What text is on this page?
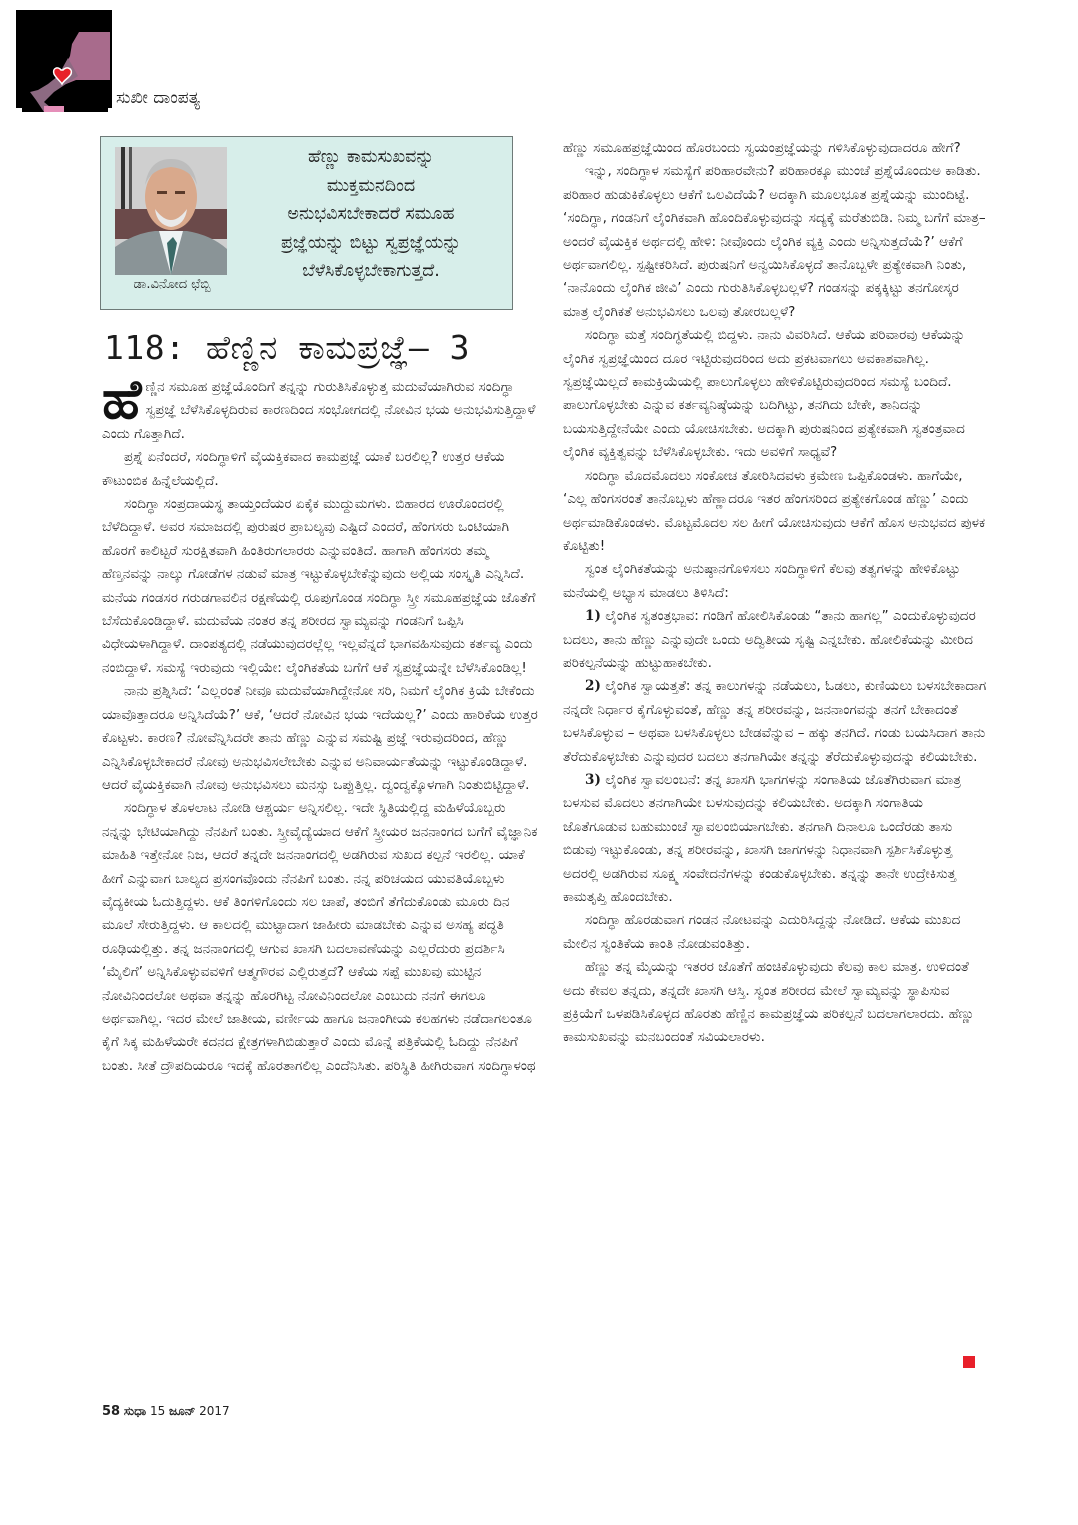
ಸುಖೀ ದಾಂಪತ್ಯ
ಡಾ.ವಿನೋದ ಛೆಬ್ಬಿ
ಹೆಣ್ಣು ಕಾಮಸುಖವನ್ನು
ಮುಕ್ತಮನದಿಂದ
ಅನುಭವಿಸಬೇಕಾದರೆ ಸಮೂಹ
ಪ್ರಜ್ಞೆಯನ್ನು ಬಿಟ್ಟು ಸ್ವಪ್ರಜ್ಞೆಯನ್ನು
ಬೆಳೆಸಿಕೊಳ್ಳಬೇಕಾಗುತ್ತದೆ.
118: ಹೆಣ್ಣಿನ ಕಾಮಪ್ರಜ್ಞೆ– 3

ಹೆಣ್ಣಿನ ಸಮೂಹ ಪ್ರಜ್ಞೆಯೊಂದಿಗೆ ತನ್ನನ್ನು ಗುರುತಿಸಿಕೊಳ್ಳುತ್ತ ಮದುವೆಯಾಗಿರುವ ಸಂದಿಗ್ಧಾ ಸ್ವಪ್ರಜ್ಞೆ ಬೆಳೆಸಿಕೊಳ್ಳದಿರುವ ಕಾರಣದಿಂದ ಸಂಭೋಗದಲ್ಲಿ ನೋವಿನ ಭಯ ಅನುಭವಿಸುತ್ತಿದ್ದಾಳೆ ಎಂದು ಗೊತ್ತಾಗಿದೆ.

ಪ್ರಶ್ನೆ ಏನೆಂದರೆ, ಸಂದಿಗ್ಧಾಳಿಗೆ ವೈಯಕ್ತಿಕವಾದ ಕಾಮಪ್ರಜ್ಞೆ ಯಾಕೆ ಬರಲಿಲ್ಲ? ಉತ್ತರ ಆಕೆಯ ಕೌಟುಂಬಿಕ ಹಿನ್ನೆಲೆಯಲ್ಲಿದೆ.

ಸಂದಿಗ್ಧಾ ಸಂಪ್ರದಾಯಸ್ಥ ತಾಯ್ತಂದೆಯರ ಏಕೈಕ ಮುದ್ದುಮಗಳು. ಬಿಹಾರದ ಊರೊಂದರಲ್ಲಿ ಬೆಳೆದಿದ್ದಾಳೆ. ಅವರ ಸಮಾಜದಲ್ಲಿ ಪುರುಷರ ಪ್ರಾಬಲ್ಯವು ಎಷ್ಟಿದೆ ಎಂದರೆ, ಹೆಂಗಸರು ಒಂಟಿಯಾಗಿ ಹೊರಗೆ ಕಾಲಿಟ್ಟರೆ ಸುರಕ್ಷಿತವಾಗಿ ಹಿಂತಿರುಗಲಾರರು ಎನ್ನುವಂತಿದೆ. ಹಾಗಾಗಿ ಹೆಂಗಸರು ತಮ್ಮ ಹೆಣ್ತನವನ್ನು ನಾಲ್ಕು ಗೋಡೆಗಳ ನಡುವೆ ಮಾತ್ರ ಇಟ್ಟುಕೊಳ್ಳಬೇಕೆನ್ನುವುದು ಅಲ್ಲಿಯ ಸಂಸ್ಕೃತಿ ಎನ್ನಿಸಿದೆ. ಮನೆಯ ಗಂಡಸರ ಗರುಡಗಾವಲಿನ ರಕ್ಷಣೆಯಲ್ಲಿ ರೂಪುಗೊಂಡ ಸಂದಿಗ್ಧಾ ಸ್ತ್ರೀ ಸಮೂಹಪ್ರಜ್ಞೆಯ ಜೊತೆಗೆ ಬೆಸೆದುಕೊಂಡಿದ್ದಾಳೆ. ಮದುವೆಯ ನಂತರ ತನ್ನ ಶರೀರದ ಸ್ವಾಮ್ಯವನ್ನು ಗಂಡನಿಗೆ ಒಪ್ಪಿಸಿ ವಿಧೇಯಳಾಗಿದ್ದಾಳೆ. ದಾಂಪತ್ಯದಲ್ಲಿ ನಡೆಯುವುದರಲ್ಲೆಲ್ಲ ಇಲ್ಲವೆನ್ನದೆ ಭಾಗವಹಿಸುವುದು ಕರ್ತವ್ಯ ಎಂದು ನಂಬಿದ್ದಾಳೆ. ಸಮಸ್ಯೆ ಇರುವುದು ಇಲ್ಲಿಯೇ: ಲೈಂಗಿಕತೆಯ ಬಗೆಗೆ ಆಕೆ ಸ್ವಪ್ರಜ್ಞೆಯನ್ನೇ ಬೆಳೆಸಿಕೊಂಡಿಲ್ಲ!

ನಾನು ಪ್ರಶ್ನಿಸಿದೆ: ‘ಎಲ್ಲರಂತೆ ನೀವೂ ಮದುವೆಯಾಗಿದ್ದೇನೋ ಸರಿ, ನಿಮಗೆ ಲೈಂಗಿಕ ಕ್ರಿಯೆ ಬೇಕೆಂದು ಯಾವೊತ್ತಾದರೂ ಅನ್ನಿಸಿದೆಯೆ?’ ಆಕೆ, ‘ಆದರೆ ನೋವಿನ ಭಯ ಇದೆಯಲ್ಲ?’ ಎಂದು ಹಾರಿಕೆಯ ಉತ್ತರ ಕೊಟ್ಟಳು. ಕಾರಣ? ನೋವೆನ್ನಿಸಿದರೇ ತಾನು ಹೆಣ್ಣು ಎನ್ನುವ ಸಮಷ್ಟಿ ಪ್ರಜ್ಞೆ ಇರುವುದರಿಂದ, ಹೆಣ್ಣು ಎನ್ನಿಸಿಕೊಳ್ಳಬೇಕಾದರೆ ನೋವು ಅನುಭವಿಸಲೇಬೇಕು ಎನ್ನುವ ಅನಿವಾರ್ಯತೆಯನ್ನು ಇಟ್ಟುಕೊಂಡಿದ್ದಾಳೆ. ಆದರೆ ವೈಯಕ್ತಿಕವಾಗಿ ನೋವು ಅನುಭವಿಸಲು ಮನಸ್ಸು ಒಪ್ಪುತ್ತಿಲ್ಲ. ದ್ವಂದ್ವಕ್ಕೊಳಗಾಗಿ ನಿಂತುಬಿಟ್ಟಿದ್ದಾಳೆ.

ಸಂದಿಗ್ಧಾಳ ತೊಳಲಾಟ ನೋಡಿ ಆಶ್ಚರ್ಯ ಅನ್ನಿಸಲಿಲ್ಲ. ಇದೇ ಸ್ಥಿತಿಯಲ್ಲಿದ್ದ ಮಹಿಳೆಯೊಬ್ಬರು ನನ್ನನ್ನು ಭೇಟಿಯಾಗಿದ್ದು ನೆನಪಿಗೆ ಬಂತು. ಸ್ತ್ರೀವೈದ್ಯೆಯಾದ ಆಕೆಗೆ ಸ್ತ್ರೀಯರ ಜನನಾಂಗದ ಬಗೆಗೆ ವೈಜ್ಞಾನಿಕ ಮಾಹಿತಿ ಇತ್ತೇನೋ ನಿಜ, ಆದರೆ ತನ್ನದೇ ಜನನಾಂಗದಲ್ಲಿ ಅಡಗಿರುವ ಸುಖದ ಕಲ್ಪನೆ ಇರಲಿಲ್ಲ. ಯಾಕೆ ಹೀಗೆ ಎನ್ನುವಾಗ ಬಾಲ್ಯದ ಪ್ರಸಂಗವೊಂದು ನೆನಪಿಗೆ ಬಂತು. ನನ್ನ ಪರಿಚಯದ ಯುವತಿಯೊಬ್ಬಳು ವೈದ್ಯಕೀಯ ಓದುತ್ತಿದ್ದಳು. ಆಕೆ ತಿಂಗಳಿಗೊಂದು ಸಲ ಚಾಪೆ, ತಂಬಿಗೆ ತೆಗೆದುಕೊಂಡು ಮೂರು ದಿನ ಮೂಲೆ ಸೇರುತ್ತಿದ್ದಳು. ಆ ಕಾಲದಲ್ಲಿ ಮುಟ್ಟಾದಾಗ ಜಾಹೀರು ಮಾಡಬೇಕು ಎನ್ನುವ ಅಸಹ್ಯ ಪದ್ಧತಿ ರೂಢಿಯಲ್ಲಿತ್ತು. ತನ್ನ ಜನನಾಂಗದಲ್ಲಿ ಆಗುವ ಖಾಸಗಿ ಬದಲಾವಣೆಯನ್ನು ಎಲ್ಲರೆದುರು ಪ್ರದರ್ಶಿಸಿ ‘ಮೈಲಿಗೆ’ ಅನ್ನಿಸಿಕೊಳ್ಳುವವಳಿಗೆ ಆತ್ಮಗೌರವ ಎಲ್ಲಿರುತ್ತದೆ? ಆಕೆಯ ಸಪ್ಪೆ ಮುಖವು ಮುಟ್ಟಿನ ನೋವಿನಿಂದಲೋ ಅಥವಾ ತನ್ನನ್ನು ಹೊರಗಿಟ್ಟ ನೋವಿನಿಂದಲೋ ಎಂಬುದು ನನಗೆ ಈಗಲೂ ಅರ್ಥವಾಗಿಲ್ಲ. ಇದರ ಮೇಲೆ ಜಾತೀಯ, ವರ್ಣೀಯ ಹಾಗೂ ಜನಾಂಗೀಯ ಕಲಹಗಳು ನಡೆದಾಗಲಂತೂ ಕೈಗೆ ಸಿಕ್ಕ ಮಹಿಳೆಯರೇ ಕದನದ ಕ್ಷೇತ್ರಗಳಾಗಿಬಿಡುತ್ತಾರೆ ಎಂದು ಮೊನ್ನೆ ಪತ್ರಿಕೆಯಲ್ಲಿ ಓದಿದ್ದು ನೆನಪಿಗೆ ಬಂತು. ಸೀತೆ ದ್ರೌಪದಿಯರೂ ಇದಕ್ಕೆ ಹೊರತಾಗಲಿಲ್ಲ ಎಂದೆನಿಸಿತು. ಪರಿಸ್ಥಿತಿ ಹೀಗಿರುವಾಗ ಸಂದಿಗ್ಧಾಳಂಥ

ಹೆಣ್ಣು ಸಮೂಹಪ್ರಜ್ಞೆಯಿಂದ ಹೊರಬಂದು ಸ್ವಯಂಪ್ರಜ್ಞೆಯನ್ನು ಗಳಿಸಿಕೊಳ್ಳುವುದಾದರೂ ಹೇಗೆ?

ಇನ್ನು, ಸಂದಿಗ್ಧಾಳ ಸಮಸ್ಯೆಗೆ ಪರಿಹಾರವೇನು? ಪರಿಹಾರಕ್ಕೂ ಮುಂಚೆ ಪ್ರಶ್ನೆಯೊಂದುಅ ಕಾಡಿತು. ಪರಿಹಾರ ಹುಡುಕಿಕೊಳ್ಳಲು ಆಕೆಗೆ ಒಲವಿದೆಯೆ? ಅದಕ್ಕಾಗಿ ಮೂಲಭೂತ ಪ್ರಶ್ನೆಯನ್ನು ಮುಂದಿಟ್ಟೆ. ‘ಸಂದಿಗ್ಧಾ, ಗಂಡನಿಗೆ ಲೈಂಗಿಕವಾಗಿ ಹೊಂದಿಕೊಳ್ಳುವುದನ್ನು ಸದ್ಯಕ್ಕೆ ಮರೆತುಬಿಡಿ. ನಿಮ್ಮ ಬಗೆಗೆ ಮಾತ್ರ– ಅಂದರೆ ವೈಯಕ್ತಿಕ ಅರ್ಥದಲ್ಲಿ ಹೇಳಿ: ನೀವೊಂದು ಲೈಂಗಿಕ ವ್ಯಕ್ತಿ ಎಂದು ಅನ್ನಿಸುತ್ತದೆಯೆ?’ ಆಕೆಗೆ ಅರ್ಥವಾಗಲಿಲ್ಲ. ಸ್ಪಷ್ಟೀಕರಿಸಿದೆ. ಪುರುಷನಿಗೆ ಅನ್ವಯಿಸಿಕೊಳ್ಳದೆ ತಾನೊಬ್ಬಳೇ ಪ್ರತ್ಯೇಕವಾಗಿ ನಿಂತು, ‘ನಾನೊಂದು ಲೈಂಗಿಕ ಜೀವಿ’ ಎಂದು ಗುರುತಿಸಿಕೊಳ್ಳಬಲ್ಲಳೆ? ಗಂಡಸನ್ನು ಪಕ್ಕಕ್ಕಿಟ್ಟು ತನಗೋಸ್ಕರ ಮಾತ್ರ ಲೈಂಗಿಕತೆ ಅನುಭವಿಸಲು ಒಲವು ತೋರಬಲ್ಲಳೆ?

ಸಂದಿಗ್ಧಾ ಮತ್ತೆ ಸಂದಿಗ್ಧತೆಯಲ್ಲಿ ಬಿದ್ದಳು. ನಾನು ವಿವರಿಸಿದೆ. ಆಕೆಯ ಪರಿವಾರವು ಆಕೆಯನ್ನು ಲೈಂಗಿಕ ಸ್ವಪ್ರಜ್ಞೆಯಿಂದ ದೂರ ಇಟ್ಟಿರುವುದರಿಂದ ಅದು ಪ್ರಕಟವಾಗಲು ಅವಕಾಶವಾಗಿಲ್ಲ. ಸ್ವಪ್ರಜ್ಞೆಯಿಲ್ಲದೆ ಕಾಮಕ್ರಿಯೆಯಲ್ಲಿ ಪಾಲುಗೊಳ್ಳಲು ಹೇಳಿಕೊಟ್ಟಿರುವುದರಿಂದ ಸಮಸ್ಯೆ ಬಂದಿದೆ. ಪಾಲುಗೊಳ್ಳಬೇಕು ಎನ್ನುವ ಕರ್ತವ್ಯನಿಷ್ಠೆಯನ್ನು ಬದಿಗಿಟ್ಟು, ತನಗಿದು ಬೇಕೇ, ತಾನಿದನ್ನು ಬಯಸುತ್ತಿದ್ದೇನೆಯೇ ಎಂದು ಯೋಚಿಸಬೇಕು. ಅದಕ್ಕಾಗಿ ಪುರುಷನಿಂದ ಪ್ರತ್ಯೇಕವಾಗಿ ಸ್ವತಂತ್ರವಾದ ಲೈಂಗಿಕ ವ್ಯಕ್ತಿತ್ವವನ್ನು ಬೆಳೆಸಿಕೊಳ್ಳಬೇಕು. ಇದು ಅವಳಿಗೆ ಸಾಧ್ಯವೆ?

ಸಂದಿಗ್ಧಾ ಮೊದಮೊದಲು ಸಂಕೋಚ ತೋರಿಸಿದವಳು ಕ್ರಮೇಣ ಒಪ್ಪಿಕೊಂಡಳು. ಹಾಗೆಯೇ, ‘ಎಲ್ಲ ಹೆಂಗಸರಂತೆ ತಾನೊಬ್ಬಳು ಹೆಣ್ಣಾದರೂ ಇತರ ಹೆಂಗಸರಿಂದ ಪ್ರತ್ಯೇಕಗೊಂಡ ಹೆಣ್ಣು’ ಎಂದು ಅರ್ಥಮಾಡಿಕೊಂಡಳು. ಮೊಟ್ಟಮೊದಲ ಸಲ ಹೀಗೆ ಯೋಚಿಸುವುದು ಆಕೆಗೆ ಹೊಸ ಅನುಭವದ ಪುಳಕ ಕೊಟ್ಟಿತು!

ಸ್ವಂತ ಲೈಂಗಿಕತೆಯನ್ನು ಅನುಷ್ಠಾನಗೊಳಿಸಲು ಸಂದಿಗ್ಧಾಳಿಗೆ ಕೆಲವು ತತ್ವಗಳನ್ನು ಹೇಳಿಕೊಟ್ಟು ಮನೆಯಲ್ಲಿ ಅಭ್ಯಾಸ ಮಾಡಲು ತಿಳಿಸಿದೆ:

1) ಲೈಂಗಿಕ ಸ್ವತಂತ್ರಭಾವ: ಗಂಡಿಗೆ ಹೋಲಿಸಿಕೊಂಡು “ತಾನು ಹಾಗಲ್ಲ” ಎಂದುಕೊಳ್ಳುವುದರ ಬದಲು, ತಾನು ಹೆಣ್ಣು ಎನ್ನುವುದೇ ಒಂದು ಅದ್ವಿತೀಯ ಸೃಷ್ಟಿ ಎನ್ನಬೇಕು. ಹೋಲಿಕೆಯನ್ನು ಮೀರಿದ ಪರಿಕಲ್ಪನೆಯನ್ನು ಹುಟ್ಟುಹಾಕಬೇಕು.

2) ಲೈಂಗಿಕ ಸ್ವಾಯತ್ತತೆ: ತನ್ನ ಕಾಲುಗಳನ್ನು ನಡೆಯಲು, ಓಡಲು, ಕುಣಿಯಲು ಬಳಸಬೇಕಾದಾಗ ನನ್ನದೇ ನಿರ್ಧಾರ ಕೈಗೊಳ್ಳುವಂತೆ, ಹೆಣ್ಣು ತನ್ನ ಶರೀರವನ್ನು, ಜನನಾಂಗವನ್ನು ತನಗೆ ಬೇಕಾದಂತೆ ಬಳಸಿಕೊಳ್ಳುವ – ಅಥವಾ ಬಳಸಿಕೊಳ್ಳಲು ಬೇಡವೆನ್ನುವ – ಹಕ್ಕು ತನಗಿದೆ. ಗಂಡು ಬಯಸಿದಾಗ ತಾನು ತೆರೆದುಕೊಳ್ಳಬೇಕು ಎನ್ನುವುದರ ಬದಲು ತನಗಾಗಿಯೇ ತನ್ನನ್ನು ತೆರೆದುಕೊಳ್ಳುವುದನ್ನು ಕಲಿಯಬೇಕು.

3) ಲೈಂಗಿಕ ಸ್ವಾವಲಂಬನೆ: ತನ್ನ ಖಾಸಗಿ ಭಾಗಗಳನ್ನು ಸಂಗಾತಿಯ ಜೊತೆಗಿರುವಾಗ ಮಾತ್ರ ಬಳಸುವ ಮೊದಲು ತನಗಾಗಿಯೇ ಬಳಸುವುದನ್ನು ಕಲಿಯಬೇಕು. ಅದಕ್ಕಾಗಿ ಸಂಗಾತಿಯ ಜೊತೆಗೂಡುವ ಬಹುಮುಂಚೆ ಸ್ವಾವಲಂಬಿಯಾಗಬೇಕು. ತನಗಾಗಿ ದಿನಾಲೂ ಒಂದೆರಡು ತಾಸು ಬಿಡುವು ಇಟ್ಟುಕೊಂಡು, ತನ್ನ ಶರೀರವನ್ನು, ಖಾಸಗಿ ಜಾಗಗಳನ್ನು ನಿಧಾನವಾಗಿ ಸ್ಪರ್ಶಿಸಿಕೊಳ್ಳುತ್ತ ಅದರಲ್ಲಿ ಅಡಗಿರುವ ಸೂಕ್ಷ್ಮ ಸಂವೇದನೆಗಳನ್ನು ಕಂಡುಕೊಳ್ಳಬೇಕು. ತನ್ನನ್ನು ತಾನೇ ಉದ್ರೇಕಿಸುತ್ತ ಕಾಮತೃಪ್ತಿ ಹೊಂದಬೇಕು.

ಸಂದಿಗ್ಧಾ ಹೊರಡುವಾಗ ಗಂಡನ ನೋಟವನ್ನು ಎದುರಿಸಿದ್ದನ್ನು ನೋಡಿದೆ. ಆಕೆಯ ಮುಖದ ಮೇಲಿನ ಸ್ವಂತಿಕೆಯ ಕಾಂತಿ ನೋಡುವಂತಿತ್ತು.

ಹೆಣ್ಣು ತನ್ನ ಮೈಯನ್ನು ಇತರರ ಜೊತೆಗೆ ಹಂಚಿಕೊಳ್ಳುವುದು ಕೆಲವು ಕಾಲ ಮಾತ್ರ. ಉಳಿದಂತೆ ಅದು ಕೇವಲ ತನ್ನದು, ತನ್ನದೇ ಖಾಸಗಿ ಆಸ್ತಿ. ಸ್ವಂತ ಶರೀರದ ಮೇಲೆ ಸ್ವಾಮ್ಯವನ್ನು ಸ್ಥಾಪಿಸುವ ಪ್ರಕ್ರಿಯೆಗೆ ಒಳಪಡಿಸಿಕೊಳ್ಳದ ಹೊರತು ಹೆಣ್ಣಿನ ಕಾಮಪ್ರಜ್ಞೆಯ ಪರಿಕಲ್ಪನೆ ಬದಲಾಗಲಾರದು. ಹೆಣ್ಣು ಕಾಮಸುಖವನ್ನು ಮನಬಂದಂತೆ ಸವಿಯಲಾರಳು.

58 ಸುಧಾ 15 ಜೂನ್ 2017
